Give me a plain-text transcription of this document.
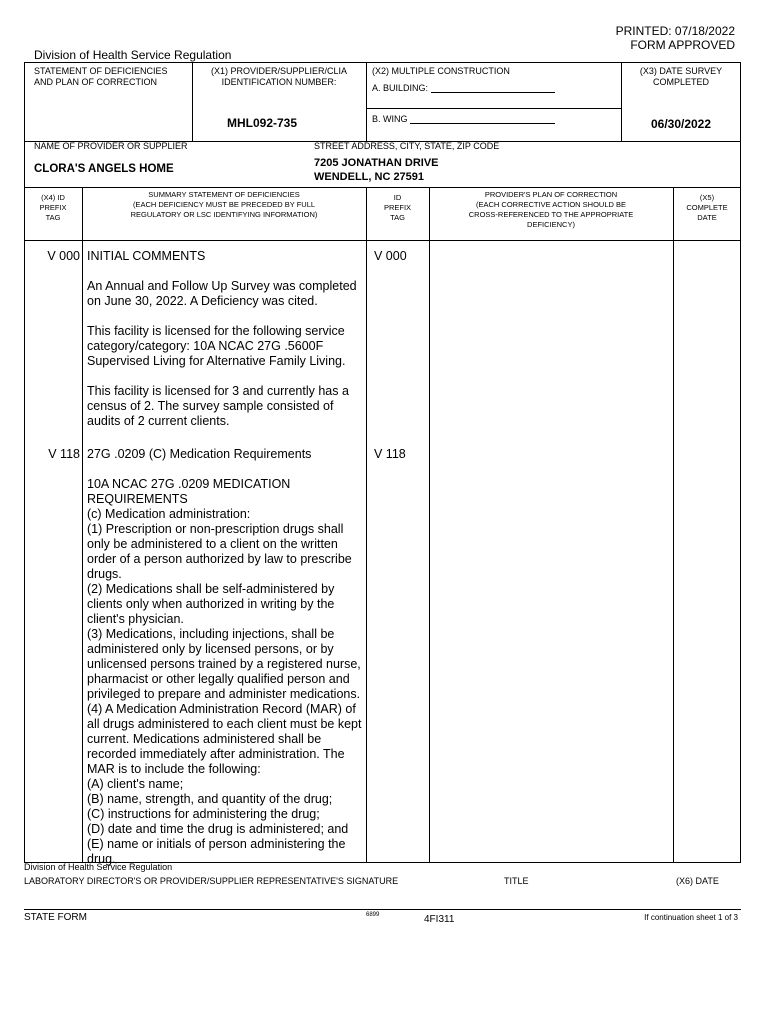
PRINTED: 07/18/2022
FORM APPROVED
Division of Health Service Regulation
STATEMENT OF DEFICIENCIES
AND PLAN OF CORRECTION
(X1) PROVIDER/SUPPLIER/CLIA
IDENTIFICATION NUMBER:
MHL092-735
(X2) MULTIPLE CONSTRUCTION
A. BUILDING:
B. WING
(X3) DATE SURVEY
COMPLETED
06/30/2022
NAME OF PROVIDER OR SUPPLIER
CLORA'S ANGELS HOME
STREET ADDRESS, CITY, STATE, ZIP CODE
7205 JONATHAN DRIVE
WENDELL, NC 27591
(X4) ID
PREFIX
TAG
SUMMARY STATEMENT OF DEFICIENCIES
(EACH DEFICIENCY MUST BE PRECEDED BY FULL
REGULATORY OR LSC IDENTIFYING INFORMATION)
ID
PREFIX
TAG
PROVIDER'S PLAN OF CORRECTION
(EACH CORRECTIVE ACTION SHOULD BE
CROSS-REFERENCED TO THE APPROPRIATE
DEFICIENCY)
(X5)
COMPLETE
DATE
V 000 INITIAL COMMENTS	V 000

An Annual and Follow Up Survey was completed
on June 30, 2022. A Deficiency was cited.

This facility is licensed for the following service
category/category: 10A NCAC 27G .5600F
Supervised Living for Alternative Family Living.

This facility is licensed for 3 and currently has a
census of 2. The survey sample consisted of
audits of 2 current clients.

V 118 27G .0209 (C) Medication Requirements	V 118
10A NCAC 27G .0209 MEDICATION
REQUIREMENTS
(c) Medication administration:
(1) Prescription or non-prescription drugs shall
only be administered to a client on the written
order of a person authorized by law to prescribe
drugs.
(2) Medications shall be self-administered by
clients only when authorized in writing by the
client's physician.
(3) Medications, including injections, shall be
administered only by licensed persons, or by
unlicensed persons trained by a registered nurse,
pharmacist or other legally qualified person and
privileged to prepare and administer medications.
(4) A Medication Administration Record (MAR) of
all drugs administered to each client must be kept
current. Medications administered shall be
recorded immediately after administration. The
MAR is to include the following:
(A) client's name;
(B) name, strength, and quantity of the drug;
(C) instructions for administering the drug;
(D) date and time the drug is administered; and
(E) name or initials of person administering the
drug.
Division of Health Service Regulation
LABORATORY DIRECTOR'S OR PROVIDER/SUPPLIER REPRESENTATIVE'S SIGNATURE	TITLE	(X6) DATE
STATE FORM	6899	4FI311	If continuation sheet 1 of 3
